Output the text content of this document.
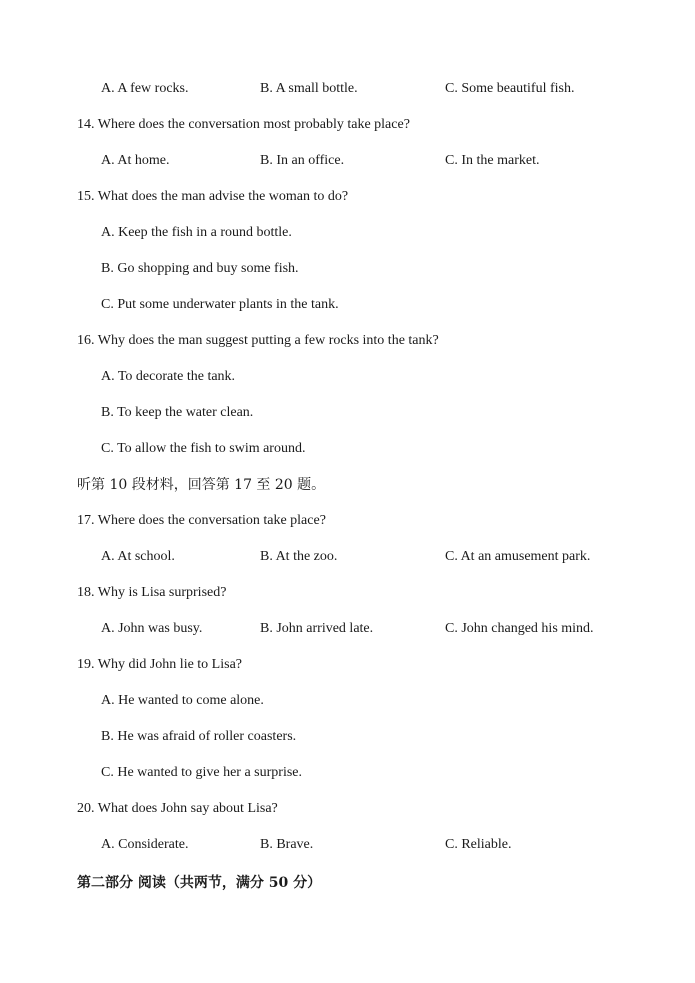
A. A few rocks.	B. A small bottle.	C. Some beautiful fish.
14. Where does the conversation most probably take place?
A. At home.	B. In an office.	C. In the market.
15. What does the man advise the woman to do?
A. Keep the fish in a round bottle.
B. Go shopping and buy some fish.
C. Put some underwater plants in the tank.
16. Why does the man suggest putting a few rocks into the tank?
A. To decorate the tank.
B. To keep the water clean.
C. To allow the fish to swim around.
听第 10 段材料，回答第 17 至 20 题。
17. Where does the conversation take place?
A. At school.	B. At the zoo.	C. At an amusement park.
18. Why is Lisa surprised?
A. John was busy.	B. John arrived late.	C. John changed his mind.
19. Why did John lie to Lisa?
A. He wanted to come alone.
B. He was afraid of roller coasters.
C. He wanted to give her a surprise.
20. What does John say about Lisa?
A. Considerate.	B. Brave.	C. Reliable.
第二部分 阅读（共两节，满分 50 分）
